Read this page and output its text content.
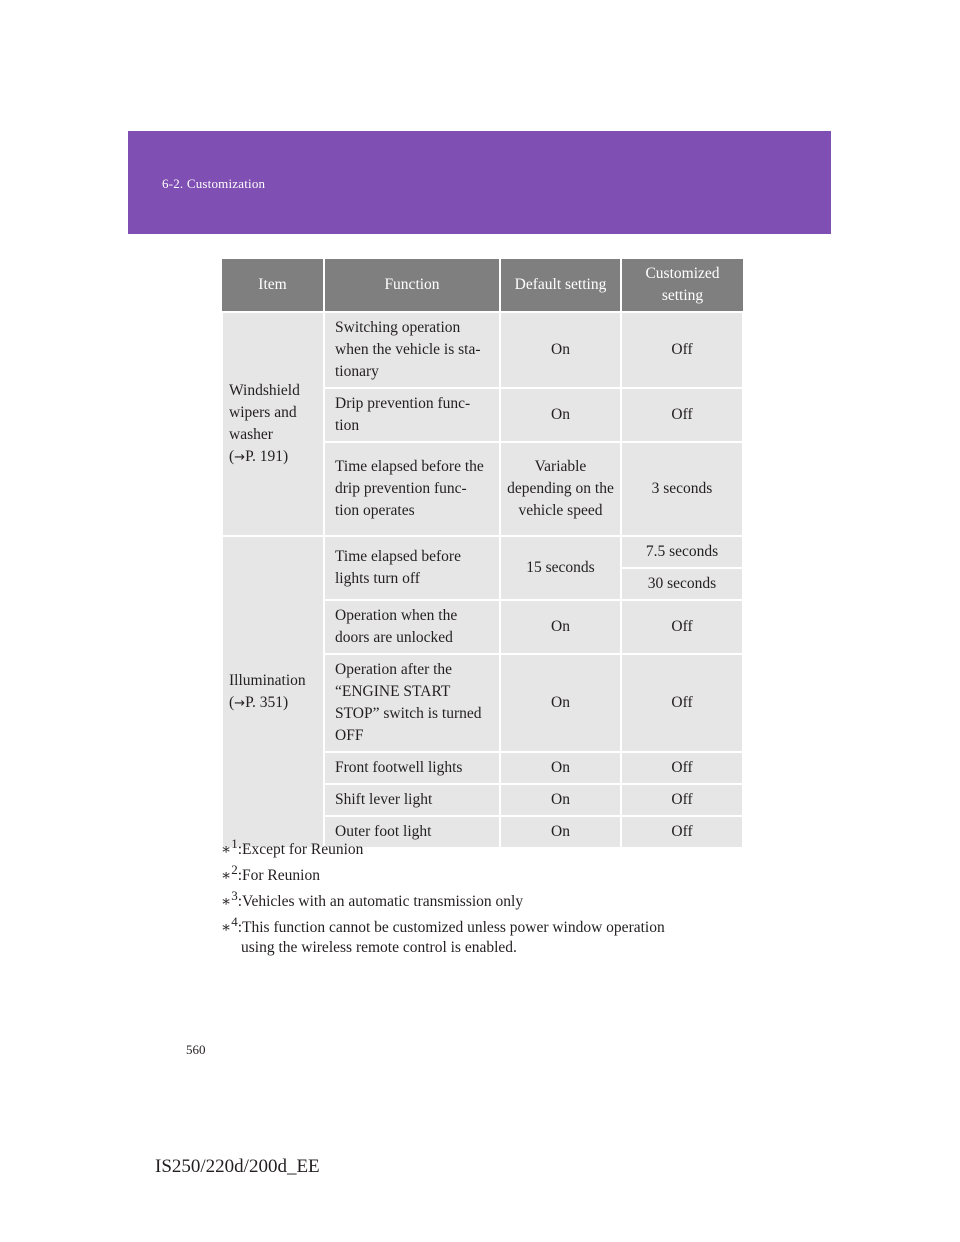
6-2. Customization
Item	Function	Default setting	Customized setting
Windshield
wipers and
washer
(→P. 191)	Switching operation when the vehicle is sta- tionary	On	Off
	Drip prevention func- tion	On	Off
	Time elapsed before the drip prevention func- tion operates	Variable depending on the vehicle speed	3 seconds
Illumination
(→P. 351)	Time elapsed before lights turn off	15 seconds	7.5 seconds
			30 seconds
	Operation when the doors are unlocked	On	Off
	Operation after the “ENGINE START STOP” switch is turned OFF	On	Off
	Front footwell lights	On	Off
	Shift lever light	On	Off
	Outer foot light	On	Off
∗$^1$:Except for Reunion
∗$^2$:For Reunion
∗$^3$:Vehicles with an automatic transmission only
∗$^4$:This function cannot be customized unless power window operation
using the wireless remote control is enabled.
560
IS250/220d/200d_EE
